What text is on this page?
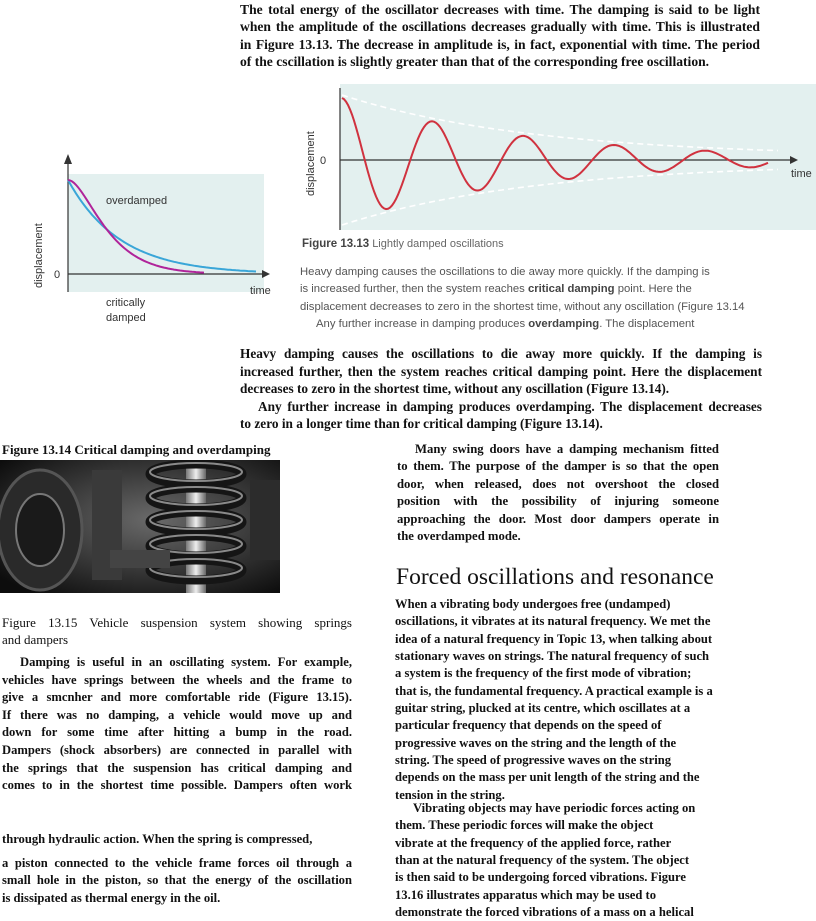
The total energy of the oscillator decreases with time. The damping is said to be light

when the amplitude of the oscillations decreases gradually with time. This is illustrated

in Figure 13.13. The decrease in amplitude is, in fact, exponential with time. The period

of the cscillation is slightly greater than that of the corresponding free oscillation.

0
time
displacement
Figure 13.13 Lightly damped oscillations
Heavy damping causes the oscillations to die away more quickly. If the damping is
is increased further, then the system reaches critical damping point. Here the
displacement decreases to zero in the shortest time, without any oscillation (Figure 13.14
Any further increase in damping produces overdamping. The displacement
overdamped
critically
damped
0
time
displacement

Heavy damping causes the oscillations to die away more quickly. If the damping is

increased further, then the system reaches critical damping point. Here the displacement

decreases to zero in the shortest time, without any oscillation (Figure 13.14).

Any further increase in damping produces overdamping. The displacement decreases

to zero in a longer time than for critical damping (Figure 13.14).

Figure 13.14 Critical damping and overdamping	Many swing doors have a damping mechanism fitted

to them. The purpose of the damper is so that the open

door, when released, does not overshoot the closed

position with the possibility of injuring someone

approaching the door. Most door dampers operate in

the overdamped mode.

Forced oscillations and resonance

When a vibrating body undergoes free (undamped)

oscillations, it vibrates at its natural frequency. We met the

idea of a natural frequency in Topic 13, when talking about

stationary waves on strings. The natural frequency of such

a system is the frequency of the first mode of vibration;

that is, the fundamental frequency. A practical example is a

guitar string, plucked at its centre, which oscillates at a

particular frequency that depends on the speed of

progressive waves on the string and the length of the

string. The speed of progressive waves on the string

depends on the mass per unit length of the string and the

tension in the string.

Vibrating objects may have periodic forces acting on

them. These periodic forces will make the object

vibrate at the frequency of the applied force, rather

than at the natural frequency of the system. The object

is then said to be undergoing forced vibrations. Figure

13.16 illustrates apparatus which may be used to

demonstrate the forced vibrations of a mass on a helical

Figure 13.15 Vehicle suspension system showing springs
and dampers

Damping is useful in an oscillating system. For example,

vehicles have springs between the wheels and the frame to

give a smcnher and more comfortable ride (Figure 13.15).

If there was no damping, a vehicle would move up and

down for some time after hitting a bump in the road.

Dampers (shock absorbers) are connected in parallel with

the springs that the suspension has critical damping and

comes to in the shortest time possible. Dampers often work

through hydraulic action. When the spring is compressed,

a piston connected to the vehicle frame forces oil through a

small hole in the piston, so that the energy of the oscillation

is dissipated as thermal energy in the oil.
